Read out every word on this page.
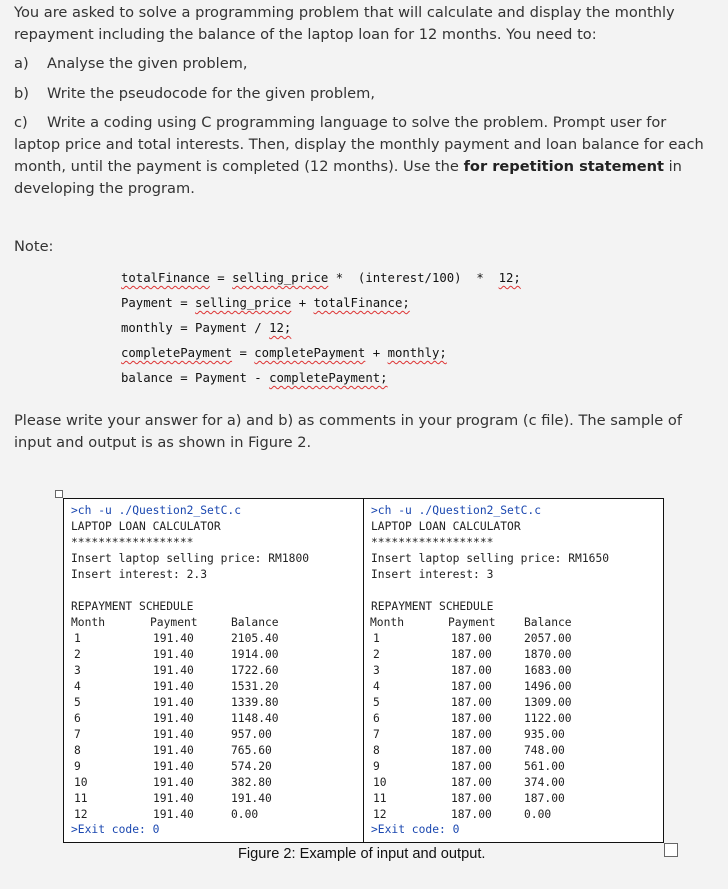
You are asked to solve a programming problem that will calculate and display the monthly repayment including the balance of the laptop loan for 12 months. You need to:

a) Analyse the given problem,
b) Write the pseudocode for the given problem,

c) Write a coding using C programming language to solve the problem. Prompt user for laptop price and total interests. Then, display the monthly payment and loan balance for each month, until the payment is completed (12 months). Use the for repetition statement in developing the program.

Note:
totalFinance = selling_price *  (interest/100)  *  12;
Payment = selling_price + totalFinance;
monthly = Payment / 12;
completePayment = completePayment + monthly;
balance = Payment - completePayment;

Please write your answer for a) and b) as comments in your program (c file). The sample of input and output is as shown in Figure 2.

>ch -u ./Question2_SetC.c
LAPTOP LOAN CALCULATOR
******************
Insert laptop selling price: RM1800
Insert interest: 2.3
REPAYMENT SCHEDULE
Month	Payment	Balance
1	191.40	2105.40
2	191.40	1914.00
3	191.40	1722.60
4	191.40	1531.20
5	191.40	1339.80
6	191.40	1148.40
7	191.40	957.00
8	191.40	765.60
9	191.40	574.20
10	191.40	382.80
11	191.40	191.40
12	191.40	0.00
>Exit code: 0
>ch -u ./Question2_SetC.c
LAPTOP LOAN CALCULATOR
******************
Insert laptop selling price: RM1650
Insert interest: 3
REPAYMENT SCHEDULE
Month	Payment	Balance
1	187.00	2057.00
2	187.00	1870.00
3	187.00	1683.00
4	187.00	1496.00
5	187.00	1309.00
6	187.00	1122.00
7	187.00	935.00
8	187.00	748.00
9	187.00	561.00
10	187.00	374.00
11	187.00	187.00
12	187.00	0.00
>Exit code: 0
Figure 2: Example of input and output.
